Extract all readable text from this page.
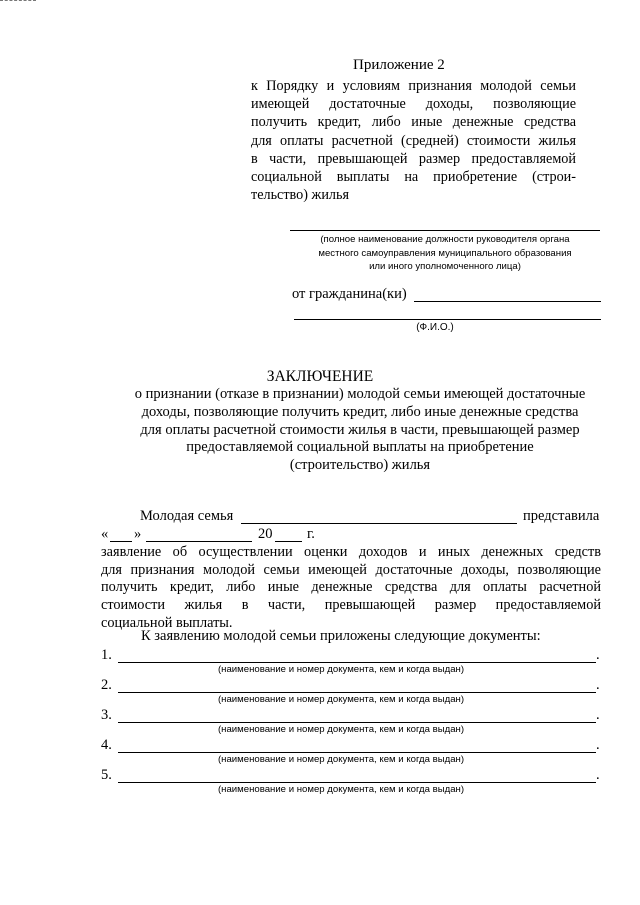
Приложение 2
к Порядку и условиям признания молодой семьи
имеющей достаточные доходы, позволяющие
получить кредит, либо иные денежные средства
для оплаты расчетной (средней) стоимости жилья
в части, превышающей размер предоставляемой
социальной выплаты на приобретение (строи-
тельство) жилья
(полное наименование должности руководителя органа
местного самоуправления муниципального образования
или иного уполномоченного лица)
от гражданина(ки)
(Ф.И.О.)
ЗАКЛЮЧЕНИЕ
о признании (отказе в признании) молодой семьи имеющей достаточные
доходы, позволяющие получить кредит, либо иные денежные средства
для оплаты расчетной стоимости жилья в части, превышающей размер
предоставляемой социальной выплаты на приобретение
(строительство) жилья
Молодая семья	представила
« »	20 г.
заявление об осуществлении оценки доходов и иных денежных средств
для признания молодой семьи имеющей достаточные доходы, позволяющие
получить кредит, либо иные денежные средства для оплаты расчетной
стоимости жилья в части, превышающей размер предоставляемой
социальной выплаты.
К заявлению молодой семьи приложены следующие документы:
1.	.
(наименование и номер документа, кем и когда выдан)
2.	.
(наименование и номер документа, кем и когда выдан)
3.	.
(наименование и номер документа, кем и когда выдан)
4.	.
(наименование и номер документа, кем и когда выдан)
5.	.
(наименование и номер документа, кем и когда выдан)
